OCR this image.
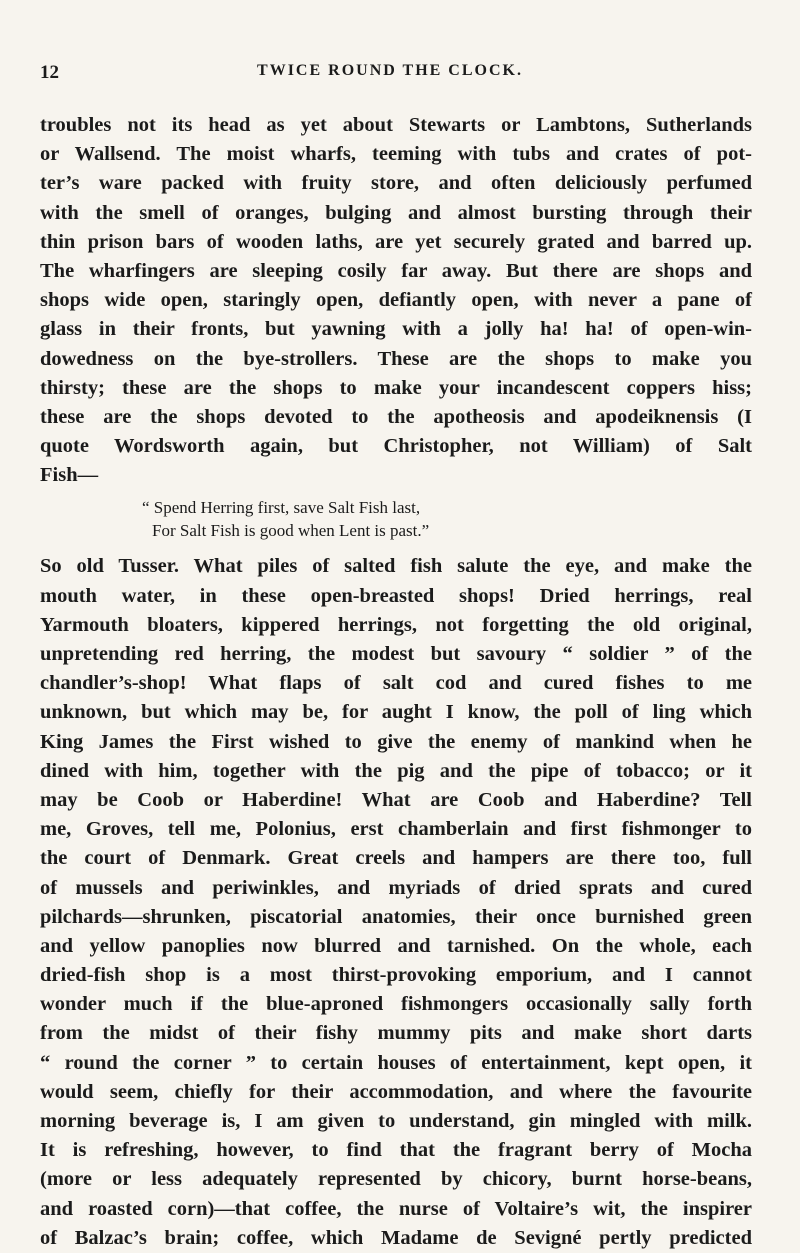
12	TWICE ROUND THE CLOCK.
troubles not its head as yet about Stewarts or Lambtons, Sutherlands
or Wallsend. The moist wharfs, teeming with tubs and crates of pot-
ter’s ware packed with fruity store, and often deliciously perfumed
with the smell of oranges, bulging and almost bursting through their
thin prison bars of wooden laths, are yet securely grated and barred up.
The wharfingers are sleeping cosily far away. But there are shops and
shops wide open, staringly open, defiantly open, with never a pane of
glass in their fronts, but yawning with a jolly ha! ha! of open-win-
dowedness on the bye-strollers. These are the shops to make you
thirsty; these are the shops to make your incandescent coppers hiss;
these are the shops devoted to the apotheosis and apodeiknensis (I
quote Wordsworth again, but Christopher, not William) of Salt
Fish—
“ Spend Herring first, save Salt Fish last,
For Salt Fish is good when Lent is past.”
So old Tusser. What piles of salted fish salute the eye, and make the
mouth water, in these open-breasted shops! Dried herrings, real
Yarmouth bloaters, kippered herrings, not forgetting the old original,
unpretending red herring, the modest but savoury “ soldier ” of the
chandler’s-shop! What flaps of salt cod and cured fishes to me
unknown, but which may be, for aught I know, the poll of ling which
King James the First wished to give the enemy of mankind when he
dined with him, together with the pig and the pipe of tobacco; or it
may be Coob or Haberdine! What are Coob and Haberdine? Tell
me, Groves, tell me, Polonius, erst chamberlain and first fishmonger to
the court of Denmark. Great creels and hampers are there too, full
of mussels and periwinkles, and myriads of dried sprats and cured
pilchards—shrunken, piscatorial anatomies, their once burnished green
and yellow panoplies now blurred and tarnished. On the whole, each
dried-fish shop is a most thirst-provoking emporium, and I cannot
wonder much if the blue-aproned fishmongers occasionally sally forth
from the midst of their fishy mummy pits and make short darts
“ round the corner ” to certain houses of entertainment, kept open, it
would seem, chiefly for their accommodation, and where the favourite
morning beverage is, I am given to understand, gin mingled with milk.
It is refreshing, however, to find that the fragrant berry of Mocha
(more or less adequately represented by chicory, burnt horse-beans,
and roasted corn)—that coffee, the nurse of Voltaire’s wit, the inspirer
of Balzac’s brain; coffee, which Madame de Sevigné pertly predicted
